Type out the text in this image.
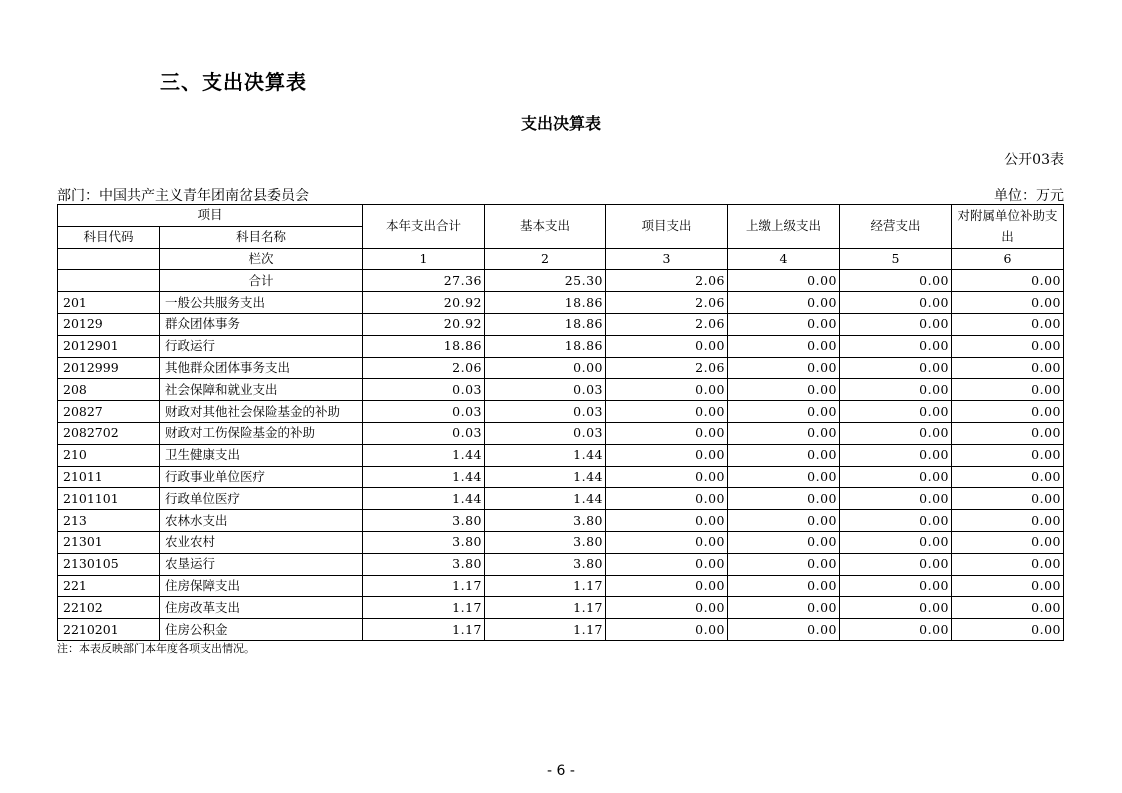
三、支出决算表
支出决算表
公开03表
部门：中国共产主义青年团南岔县委员会	单位：万元
项目		本年支出合计	基本支出	项目支出	上缴上级支出	经营支出	对附属单位补助支出
科目代码	科目名称						
	栏次	1	2	3	4	5	6
	合计	27.36	25.30	2.06	0.00	0.00	0.00
201	一般公共服务支出	20.92	18.86	2.06	0.00	0.00	0.00
20129	群众团体事务	20.92	18.86	2.06	0.00	0.00	0.00
2012901	行政运行	18.86	18.86	0.00	0.00	0.00	0.00
2012999	其他群众团体事务支出	2.06	0.00	2.06	0.00	0.00	0.00
208	社会保障和就业支出	0.03	0.03	0.00	0.00	0.00	0.00
20827	财政对其他社会保险基金的补助	0.03	0.03	0.00	0.00	0.00	0.00
2082702	财政对工伤保险基金的补助	0.03	0.03	0.00	0.00	0.00	0.00
210	卫生健康支出	1.44	1.44	0.00	0.00	0.00	0.00
21011	行政事业单位医疗	1.44	1.44	0.00	0.00	0.00	0.00
2101101	行政单位医疗	1.44	1.44	0.00	0.00	0.00	0.00
213	农林水支出	3.80	3.80	0.00	0.00	0.00	0.00
21301	农业农村	3.80	3.80	0.00	0.00	0.00	0.00
2130105	农垦运行	3.80	3.80	0.00	0.00	0.00	0.00
221	住房保障支出	1.17	1.17	0.00	0.00	0.00	0.00
22102	住房改革支出	1.17	1.17	0.00	0.00	0.00	0.00
2210201	住房公积金	1.17	1.17	0.00	0.00	0.00	0.00
注：本表反映部门本年度各项支出情况。
- 6 -
